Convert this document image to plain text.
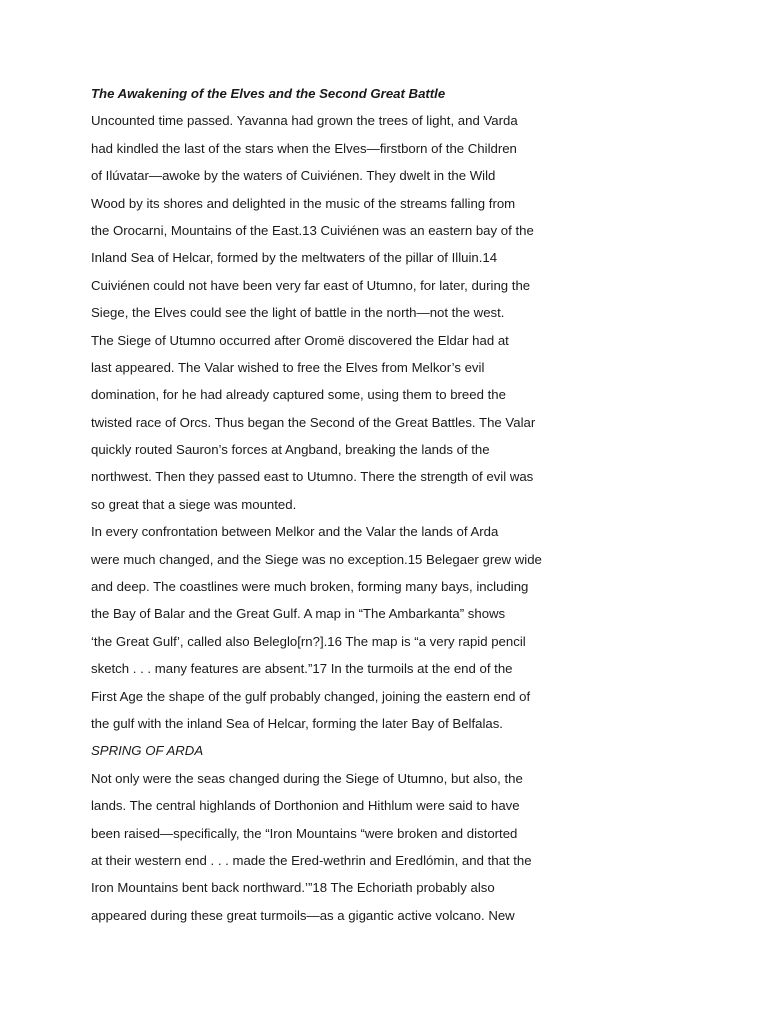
The Awakening of the Elves and the Second Great Battle
Uncounted time passed. Yavanna had grown the trees of light, and Varda
had kindled the last of the stars when the Elves—firstborn of the Children
of Ilúvatar—awoke by the waters of Cuiviénen. They dwelt in the Wild
Wood by its shores and delighted in the music of the streams falling from
the Orocarni, Mountains of the East.13 Cuiviénen was an eastern bay of the
Inland Sea of Helcar, formed by the meltwaters of the pillar of Illuin.14
Cuiviénen could not have been very far east of Utumno, for later, during the
Siege, the Elves could see the light of battle in the north—not the west.
The Siege of Utumno occurred after Oromë discovered the Eldar had at
last appeared. The Valar wished to free the Elves from Melkor’s evil
domination, for he had already captured some, using them to breed the
twisted race of Orcs. Thus began the Second of the Great Battles. The Valar
quickly routed Sauron’s forces at Angband, breaking the lands of the
northwest. Then they passed east to Utumno. There the strength of evil was
so great that a siege was mounted.
In every confrontation between Melkor and the Valar the lands of Arda
were much changed, and the Siege was no exception.15 Belegaer grew wide
and deep. The coastlines were much broken, forming many bays, including
the Bay of Balar and the Great Gulf. A map in “The Ambarkanta” shows
‘the Great Gulf’, called also Beleglo[rn?].16 The map is “a very rapid pencil
sketch . . . many features are absent.”17 In the turmoils at the end of the
First Age the shape of the gulf probably changed, joining the eastern end of
the gulf with the inland Sea of Helcar, forming the later Bay of Belfalas.
SPRING OF ARDA
Not only were the seas changed during the Siege of Utumno, but also, the
lands. The central highlands of Dorthonion and Hithlum were said to have
been raised—specifically, the “Iron Mountains “were broken and distorted
at their western end . . . made the Ered-wethrin and Eredlómin, and that the
Iron Mountains bent back northward.’”18 The Echoriath probably also
appeared during these great turmoils—as a gigantic active volcano. New
